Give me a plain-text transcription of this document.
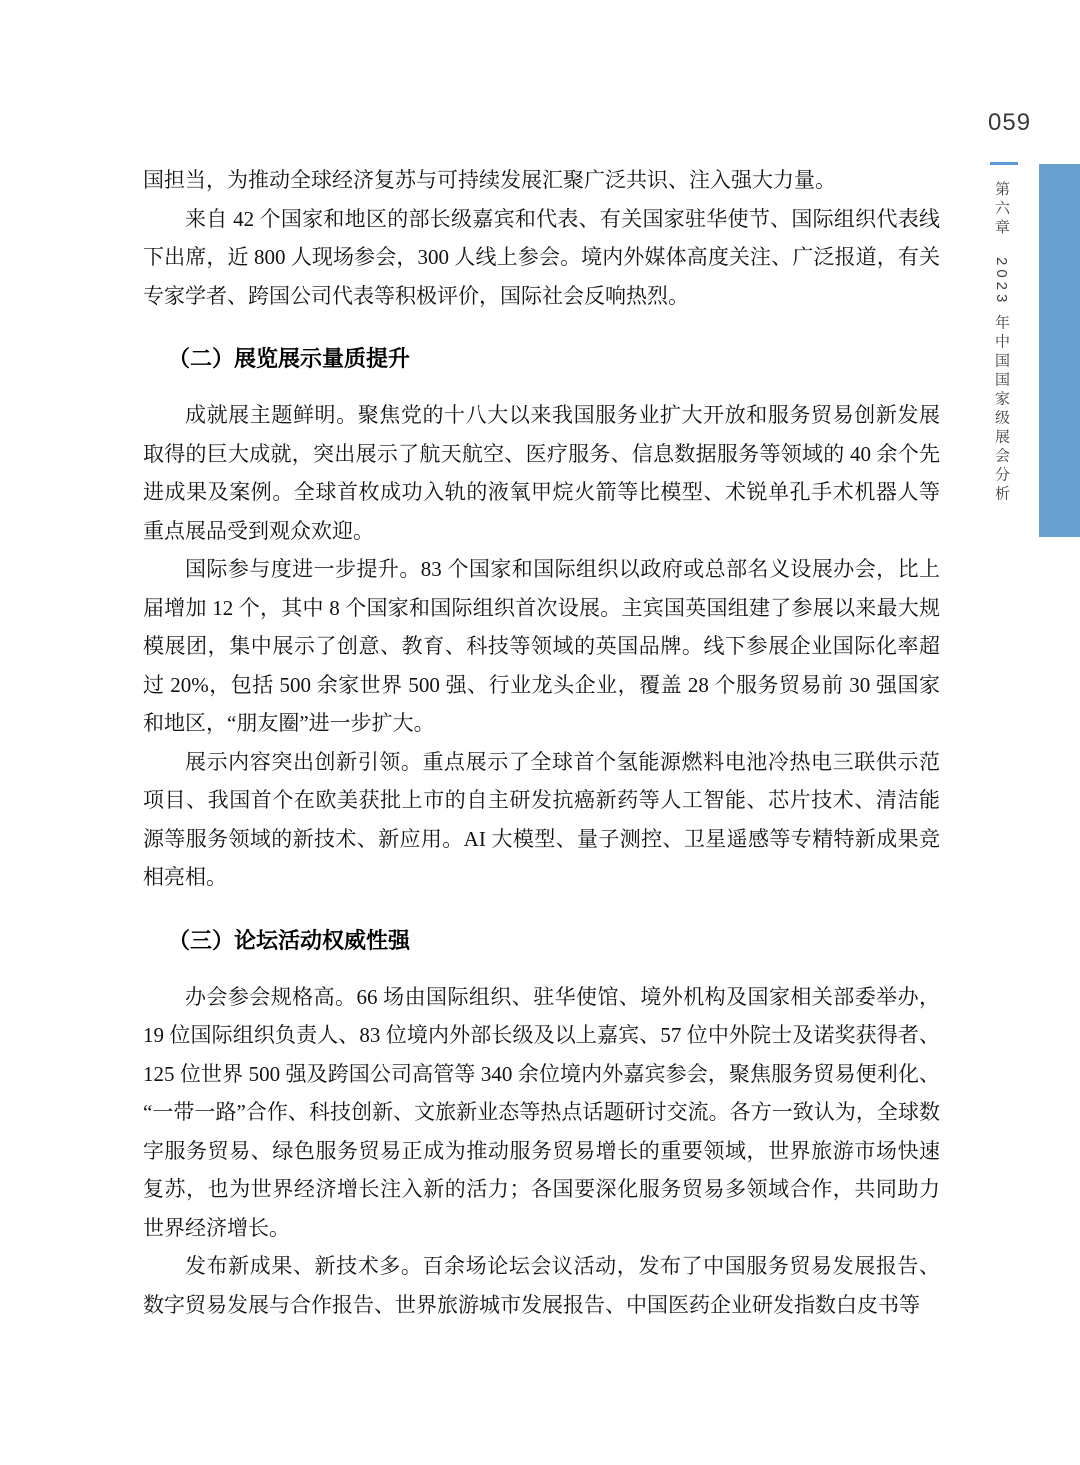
059
第六章　2023 年中国国家级展会分析

国担当，为推动全球经济复苏与可持续发展汇聚广泛共识、注入强大力量。

来自 42 个国家和地区的部长级嘉宾和代表、有关国家驻华使节、国际组织代表线下出席，近 800 人现场参会，300 人线上参会。境内外媒体高度关注、广泛报道，有关专家学者、跨国公司代表等积极评价，国际社会反响热烈。

（二）展览展示量质提升

成就展主题鲜明。聚焦党的十八大以来我国服务业扩大开放和服务贸易创新发展取得的巨大成就，突出展示了航天航空、医疗服务、信息数据服务等领域的 40 余个先进成果及案例。全球首枚成功入轨的液氧甲烷火箭等比模型、术锐单孔手术机器人等重点展品受到观众欢迎。

国际参与度进一步提升。83 个国家和国际组织以政府或总部名义设展办会，比上届增加 12 个，其中 8 个国家和国际组织首次设展。主宾国英国组建了参展以来最大规模展团，集中展示了创意、教育、科技等领域的英国品牌。线下参展企业国际化率超过 20%，包括 500 余家世界 500 强、行业龙头企业，覆盖 28 个服务贸易前 30 强国家和地区，“朋友圈”进一步扩大。

展示内容突出创新引领。重点展示了全球首个氢能源燃料电池冷热电三联供示范项目、我国首个在欧美获批上市的自主研发抗癌新药等人工智能、芯片技术、清洁能源等服务领域的新技术、新应用。AI 大模型、量子测控、卫星遥感等专精特新成果竞相亮相。

（三）论坛活动权威性强

办会参会规格高。66 场由国际组织、驻华使馆、境外机构及国家相关部委举办，19 位国际组织负责人、83 位境内外部长级及以上嘉宾、57 位中外院士及诺奖获得者、125 位世界 500 强及跨国公司高管等 340 余位境内外嘉宾参会，聚焦服务贸易便利化、“一带一路”合作、科技创新、文旅新业态等热点话题研讨交流。各方一致认为，全球数字服务贸易、绿色服务贸易正成为推动服务贸易增长的重要领域，世界旅游市场快速复苏，也为世界经济增长注入新的活力；各国要深化服务贸易多领域合作，共同助力世界经济增长。

发布新成果、新技术多。百余场论坛会议活动，发布了中国服务贸易发展报告、数字贸易发展与合作报告、世界旅游城市发展报告、中国医药企业研发指数白皮书等
